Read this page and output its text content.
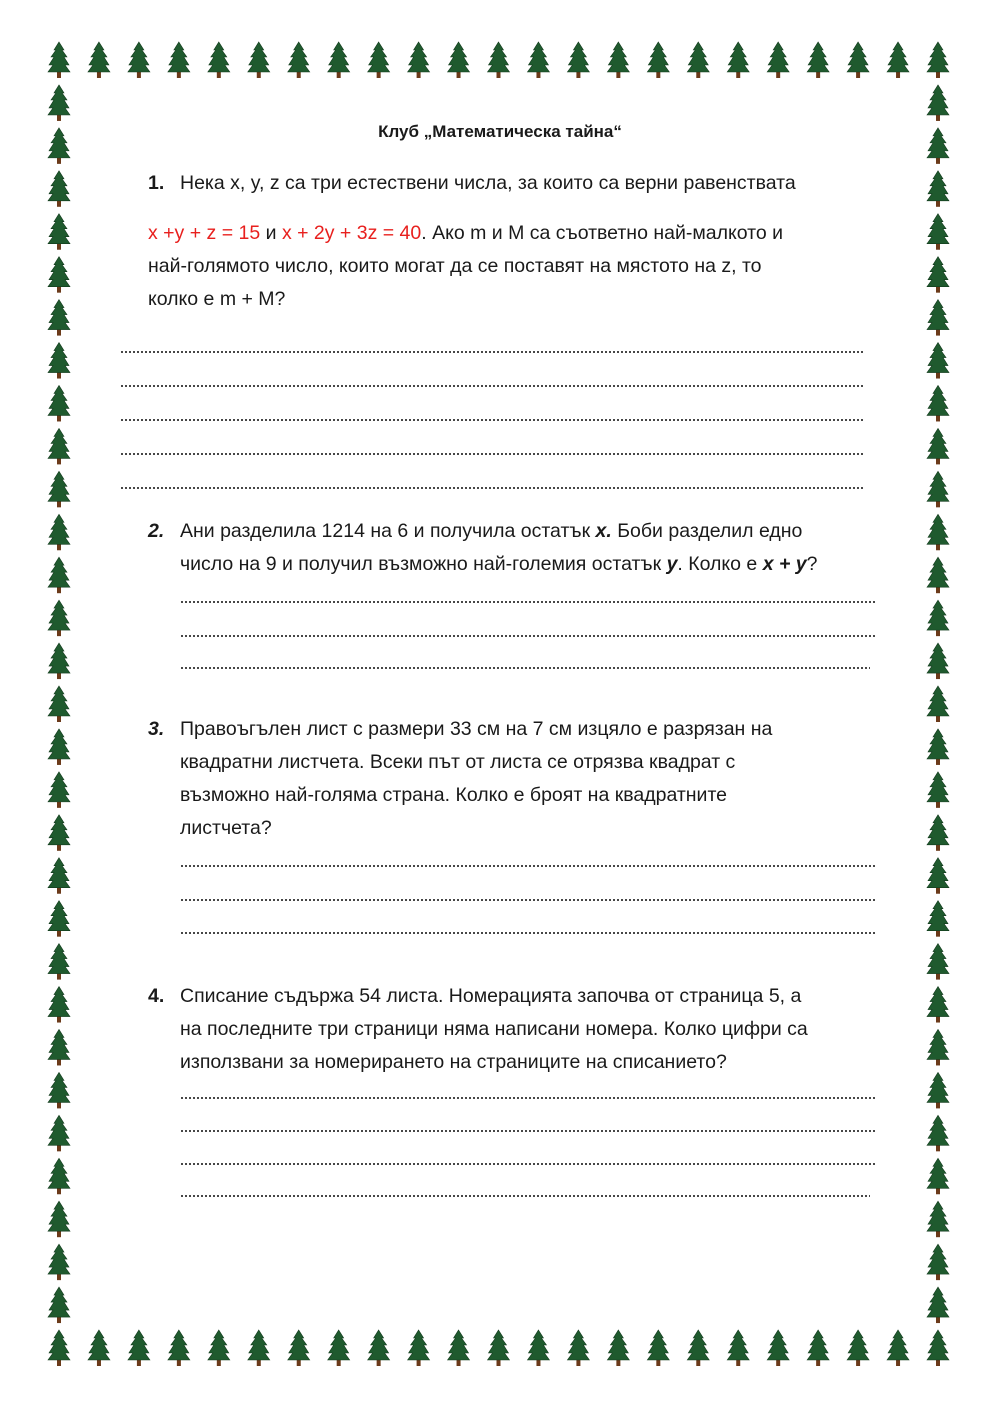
Клуб „Математическа тайна“
1. Нека x, y, z са три естествени числа, за които са верни равенствата
x +y + z = 15 и x + 2y + 3z = 40. Ако m и M са съответно най-малкото и
най-голямото число, които могат да се поставят на мястото на z, то
колко е m + M?
2. Ани разделила 1214 на 6 и получила остатък x. Боби разделил едно
число на 9 и получил възможно най-големия остатък y. Колко е x + y?
3. Правоъгълен лист с размери 33 см на 7 см изцяло е разрязан на
квадратни листчета. Всеки път от листа се отрязва квадрат с
възможно най-голяма страна. Колко е броят на квадратните
листчета?
4. Списание съдържа 54 листа. Номерацията започва от страница 5, а
на последните три страници няма написани номера. Колко цифри са
използвани за номерирането на страниците на списанието?
